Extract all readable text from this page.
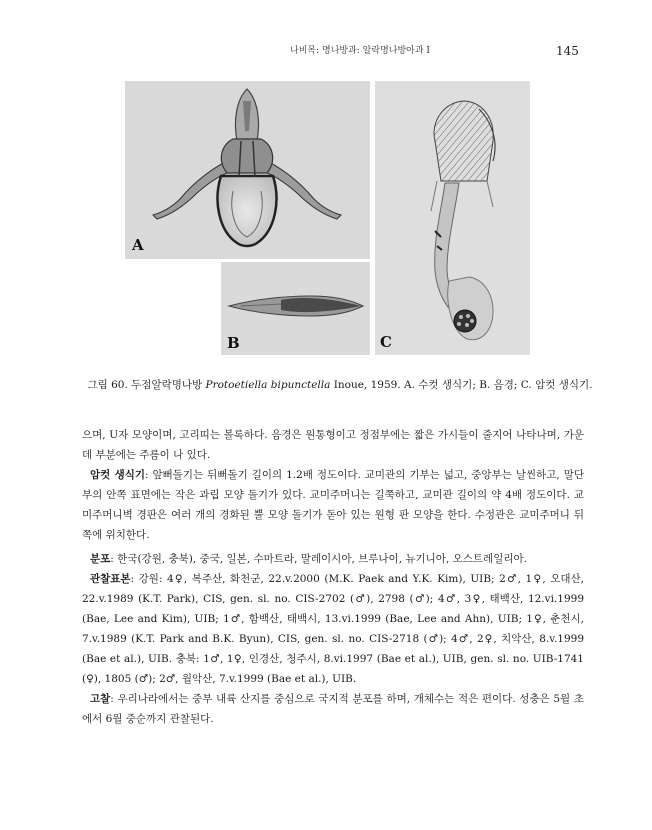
나비목: 명나방과: 알락명나방아과 I	145
A
B	C
그림 60. 두점알락명나방 Protoetiella bipunctella Inoue, 1959. A. 수컷 생식기; B. 음경; C. 암컷 생식기.

으며, U자 모양이며, 고리띠는 볼록하다. 음경은 원통형이고 정점부에는 짧은 가시들이 줄지어 나타나며, 가운데 부분에는 주름이 나 있다.

암컷 생식기: 앞뻐돌기는 뒤뻐돌기 길이의 1.2배 정도이다. 교미관의 기부는 넓고, 중앙부는 날씬하고, 말단부의 안쪽 표면에는 작은 과립 모양 돌기가 있다. 교미주머니는 길쭉하고, 교미관 길이의 약 4배 정도이다. 교미주머니벽 경판은 여러 개의 경화된 뿔 모양 돌기가 돋아 있는 원형 판 모양을 한다. 수정관은 교미주머니 뒤쪽에 위치한다.

분포: 한국(강원, 충북), 중국, 일본, 수마트라, 말레이시아, 브루나이, 뉴기니아, 오스트레일리아.

관찰표본: 강원: 4♀, 복주산, 화천군, 22.v.2000 (M.K. Paek and Y.K. Kim), UIB; 2♂, 1♀, 오대산, 22.v.1989 (K.T. Park), CIS, gen. sl. no. CIS-2702 (♂), 2798 (♂); 4♂, 3♀, 태백산, 12.vi.1999 (Bae, Lee and Kim), UIB; 1♂, 함백산, 태백시, 13.vi.1999 (Bae, Lee and Ahn), UIB; 1♀, 춘천시, 7.v.1989 (K.T. Park and B.K. Byun), CIS, gen. sl. no. CIS-2718 (♂); 4♂, 2♀, 치악산, 8.v.1999 (Bae et al.), UIB. 충북: 1♂, 1♀, 인경산, 청주시, 8.vi.1997 (Bae et al.), UIB, gen. sl. no. UIB-1741 (♀), 1805 (♂); 2♂, 월악산, 7.v.1999 (Bae et al.), UIB.

고찰: 우리나라에서는 중부 내륙 산지를 중심으로 국지적 분포를 하며, 개체수는 적은 편이다. 성충은 5월 초에서 6월 중순까지 관찰된다.
